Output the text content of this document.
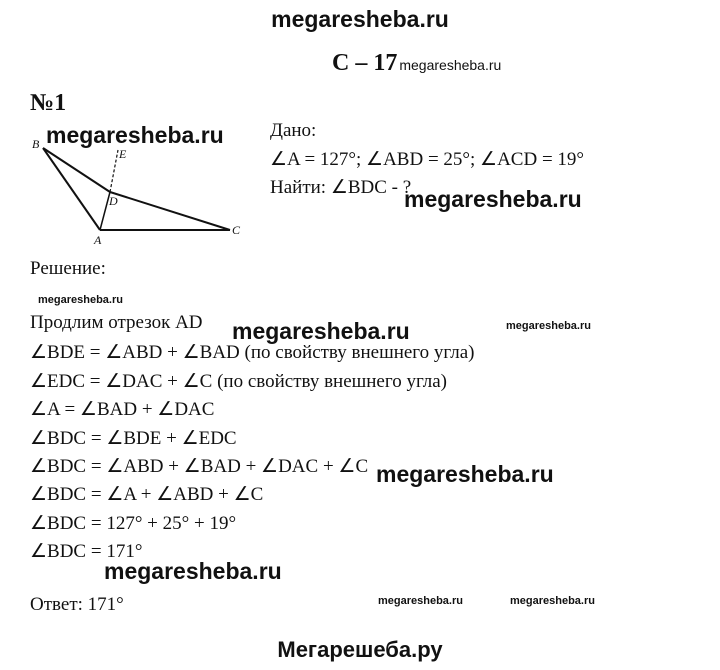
megaresheba.ru
С – 17 megaresheba.ru
№1
B
E
D
A
C
Дано:
∠A = 127°; ∠ABD = 25°; ∠ACD = 19°
Найти: ∠BDC - ?
Решение:
Продлим отрезок AD
∠BDE = ∠ABD + ∠BAD (по свойству внешнего угла)
∠EDC = ∠DAC + ∠C (по свойству внешнего угла)
∠A = ∠BAD + ∠DAC
∠BDC = ∠BDE + ∠EDC
∠BDC = ∠ABD + ∠BAD + ∠DAC + ∠C
∠BDC = ∠A + ∠ABD + ∠C
∠BDC = 127° + 25° + 19°
∠BDC = 171°
Ответ: 171°
megaresheba.ru
megaresheba.ru
megaresheba.ru
megaresheba.ru
megaresheba.ru
megaresheba.ru
megaresheba.ru
megaresheba.ru	megaresheba.ru
Мегарешеба.ру
